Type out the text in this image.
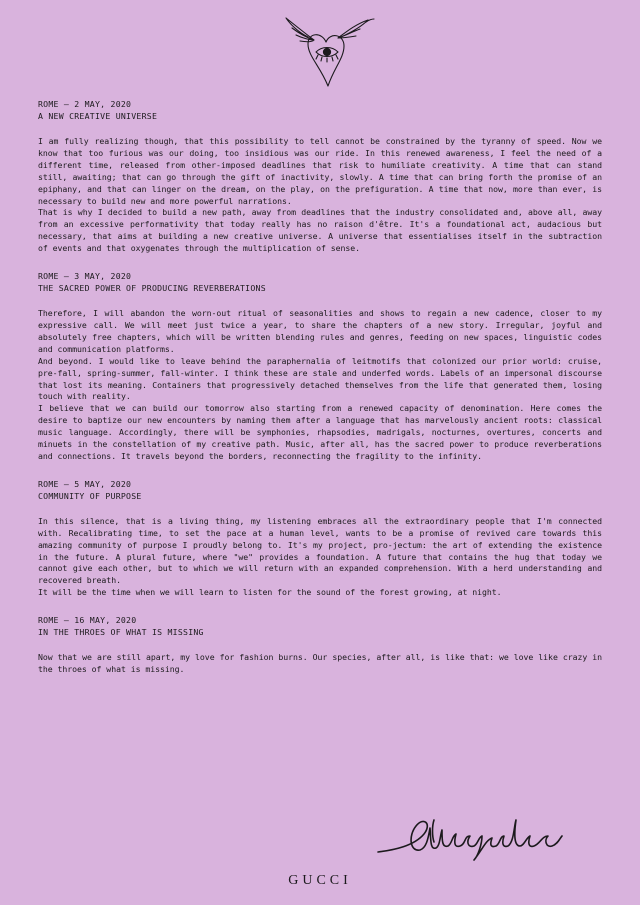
ROME – 2 MAY, 2020
A NEW CREATIVE UNIVERSE

I am fully realizing though, that this possibility to tell cannot be constrained by the tyranny of speed. Now we know that too furious was our doing, too insidious was our ride. In this renewed awareness, I feel the need of a different time, released from other-imposed deadlines that risk to humiliate creativity. A time that can stand still, awaiting; that can go through the gift of inactivity, slowly. A time that can bring forth the promise of an epiphany, and that can linger on the dream, on the play, on the prefiguration. A time that now, more than ever, is necessary to build new and more powerful narrations.

That is why I decided to build a new path, away from deadlines that the industry consolidated and, above all, away from an excessive performativity that today really has no raison d'être. It's a foundational act, audacious but necessary, that aims at building a new creative universe. A universe that essentialises itself in the subtraction of events and that oxygenates through the multiplication of sense.

ROME – 3 MAY, 2020
THE SACRED POWER OF PRODUCING REVERBERATIONS

Therefore, I will abandon the worn-out ritual of seasonalities and shows to regain a new cadence, closer to my expressive call. We will meet just twice a year, to share the chapters of a new story. Irregular, joyful and absolutely free chapters, which will be written blending rules and genres, feeding on new spaces, linguistic codes and communication platforms.

And beyond. I would like to leave behind the paraphernalia of leitmotifs that colonized our prior world: cruise, pre-fall, spring-summer, fall-winter. I think these are stale and underfed words. Labels of an impersonal discourse that lost its meaning. Containers that progressively detached themselves from the life that generated them, losing touch with reality.

I believe that we can build our tomorrow also starting from a renewed capacity of denomination. Here comes the desire to baptize our new encounters by naming them after a language that has marvelously ancient roots: classical music language. Accordingly, there will be symphonies, rhapsodies, madrigals, nocturnes, overtures, concerts and minuets in the constellation of my creative path. Music, after all, has the sacred power to produce reverberations and connections. It travels beyond the borders, reconnecting the fragility to the infinity.

ROME – 5 MAY, 2020
COMMUNITY OF PURPOSE

In this silence, that is a living thing, my listening embraces all the extraordinary people that I'm connected with. Recalibrating time, to set the pace at a human level, wants to be a promise of revived care towards this amazing community of purpose I proudly belong to. It's my project, pro-jectum: the art of extending the existence in the future. A plural future, where "we" provides a foundation. A future that contains the hug that today we cannot give each other, but to which we will return with an expanded comprehension. With a herd understanding and recovered breath.

It will be the time when we will learn to listen for the sound of the forest growing, at night.

ROME – 16 MAY, 2020
IN THE THROES OF WHAT IS MISSING

Now that we are still apart, my love for fashion burns. Our species, after all, is like that: we love like crazy in the throes of what is missing.

GUCCI
